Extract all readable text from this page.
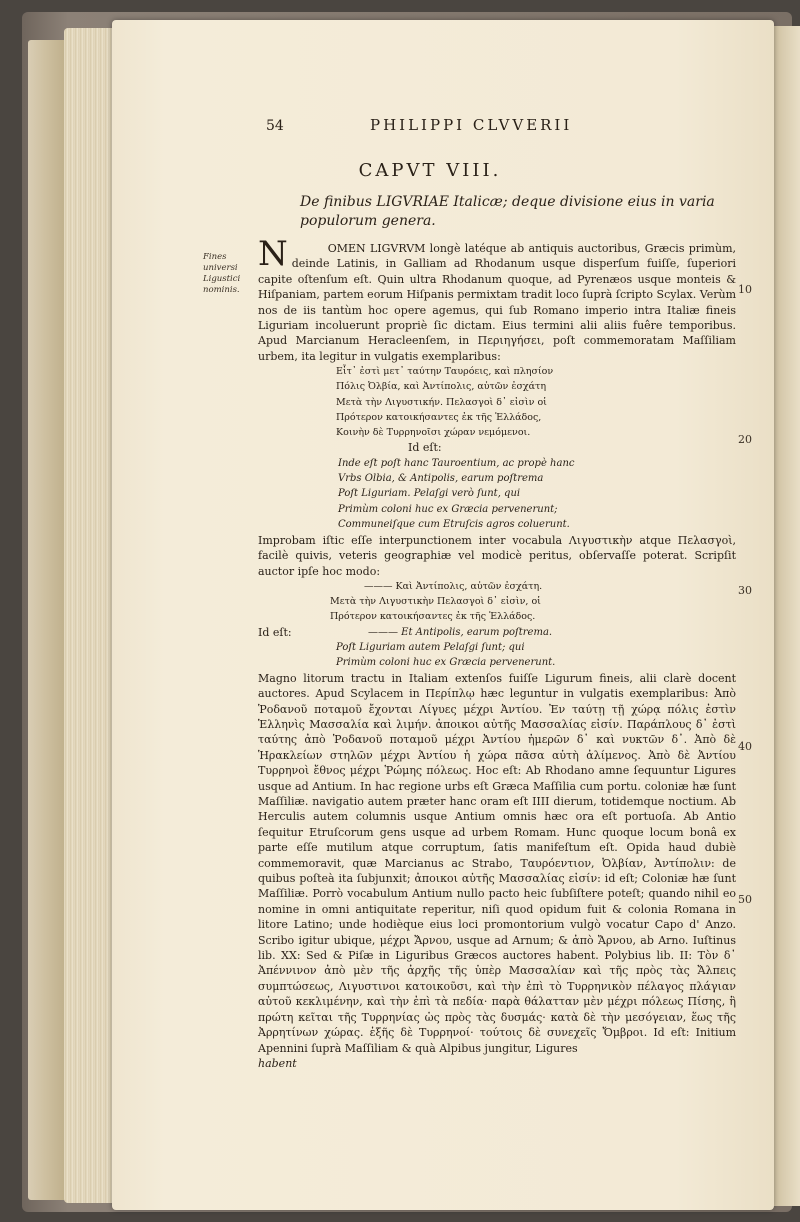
54	PHILIPPI CLVVERII
CAPVT VIII.
De finibus LIGVRIAE Italicæ; deque divisione eius in varia populorum genera.
Fines universi Ligustici nominis.	10
20
30
40
50

N	OMEN LIGVRVM longè latéque ab antiquis auctoribus, Græcis primùm, deinde Latinis, in Galliam ad Rhodanum usque disperſum fuiſſe, ſuperiori capite oſtenſum eſt. Quin ultra Rhodanum quoque, ad Pyrenæos usque monteis & Hiſpaniam, partem eorum Hiſpanis permixtam tradit loco ſuprà ſcripto Scylax. Verùm nos de iis tantùm hoc opere agemus, qui ſub Romano imperio intra Italiæ fineis Liguriam incoluerunt propriè ſic dictam. Eius termini alii aliis fuêre temporibus. Apud Marcianum Heracleenſem, in Περιηγήσει, poſt commemoratam Maſſiliam urbem, ita legitur in vulgatis exemplaribus:

Εἶτ᾽ ἐστὶ μετ᾽ ταύτην Ταυρόεις, καὶ πλησίον

Πόλις Ὀλβία, καὶ Ἀντίπολις, αὐτῶν ἐσχάτη

Μετὰ τὴν Λιγυστικήν. Πελασγοὶ δ᾽ εἰσὶν οἱ

Πρότερον κατοικήσαντες ἐκ τῆς Ἑλλάδος,

Κοινὴν δὲ Τυρρηνοῖσι χώραν νεμόμενοι.

Id eſt:

Inde eſt poſt hanc Tauroentium, ac propè hanc

Vrbs Olbia, & Antipolis, earum poſtrema

Poſt Liguriam. Pelaſgi verò ſunt, qui

Primùm coloni huc ex Græcia pervenerunt;

Communeiſque cum Etruſcis agros coluerunt.

Improbam iſtic eſſe interpunctionem inter vocabula Λιγυστικὴν atque Πελασγοὶ, facilè quivis, veteris geographiæ vel modicè peritus, obſervaſſe poterat. Scripſit auctor ipſe hoc modo:

——— Καὶ Ἀντίπολις, αὐτῶν ἐσχάτη.

Μετὰ τὴν Λιγυστικὴν Πελασγοὶ δ᾽ εἰσὶν, οἱ

Πρότερον κατοικήσαντες ἐκ τῆς Ἑλλάδος.

Id eſt:	——— Et Antipolis, earum poſtrema.

Poſt Liguriam autem Pelaſgi ſunt; qui

Primùm coloni huc ex Græcia pervenerunt.

Magno litorum tractu in Italiam extenſos fuiſſe Ligurum fineis, alii clarè docent auctores. Apud Scylacem in Περίπλῳ hæc leguntur in vulgatis exemplaribus: Ἀπὸ Ῥοδανοῦ ποταμοῦ ἔχονται Λίγυες μέχρι Ἀντίου. Ἐν ταύτῃ τῇ χώρᾳ πόλις ἐστὶν Ἑλληνὶς Μασσαλία καὶ λιμήν. ἀποικοι αὐτῆς Μασσαλίας εἰσίν. Παράπλους δ᾽ ἐστὶ ταύτης ἀπὸ Ῥοδανοῦ ποταμοῦ μέχρι Ἀντίου ἡμερῶν δ᾽ καὶ νυκτῶν δ᾽. Ἀπὸ δὲ Ἡρακλείων στηλῶν μέχρι Ἀντίου ἡ χώρα πᾶσα αὐτὴ ἀλίμενος. Ἀπὸ δὲ Ἀντίου Τυρρηνοὶ ἔθνος μέχρι Ῥώμης πόλεως. Hoc eſt: Ab Rhodano amne ſequuntur Ligures usque ad Antium. In hac regione urbs eſt Græca Maſſilia cum portu. coloniæ hæ ſunt Maſſiliæ. navigatio autem præter hanc oram eſt IIII dierum, totidemque noctium. Ab Herculis autem columnis usque Antium omnis hæc ora eſt portuoſa. Ab Antio ſequitur Etruſcorum gens usque ad urbem Romam. Hunc quoque locum bonâ ex parte eſſe mutilum atque corruptum, ſatis manifeſtum eſt. Opida haud dubiè commemoravit, quæ Marcianus ac Strabo, Ταυρόεντιον, Ὀλβίαν, Ἀντίπολιν: de quibus poſteà ita ſubjunxit; ἀποικοι αὐτῆς Μασσαλίας εἰσίν: id eſt; Coloniæ hæ ſunt Maſſiliæ. Porrò vocabulum Antium nullo pacto heic ſubſiſtere poteſt; quando nihil eo nomine in omni antiquitate reperitur, niſi quod opidum fuit & colonia Romana in litore Latino; unde hodièque eius loci promontorium vulgò vocatur Capo d' Anzo. Scribo igitur ubique, μέχρι Ἄρνου, usque ad Arnum; & ἀπὸ Ἄρνου, ab Arno. Iuſtinus lib. XX: Sed & Piſæ in Liguribus Græcos auctores habent. Polybius lib. II: Τὸν δ᾽ Ἀπέννινον ἀπὸ μὲν τῆς ἀρχῆς τῆς ὑπὲρ Μασσαλίαν καὶ τῆς πρὸς τὰς Ἄλπεις συμπτώσεως, Λιγυστινοι κατοικοῦσι, καὶ τὴν ἐπὶ τὸ Τυρρηνικὸν πέλαγος πλάγιαν αὐτοῦ κεκλιμένην, καὶ τὴν ἐπὶ τὰ πεδία· παρὰ θάλατταν μὲν μέχρι πόλεως Πίσης, ἣ πρώτη κεῖται τῆς Τυρρηνίας ὡς πρὸς τὰς δυσμάς· κατὰ δὲ τὴν μεσόγειαν, ἕως τῆς Ἀρρητίνων χώρας. ἑξῆς δὲ Τυρρηνοί· τούτοις δὲ συνεχεῖς Ὄμβροι. Id eſt: Initium Apennini ſuprà Maſſiliam & quà Alpibus jungitur, Ligures

habent
